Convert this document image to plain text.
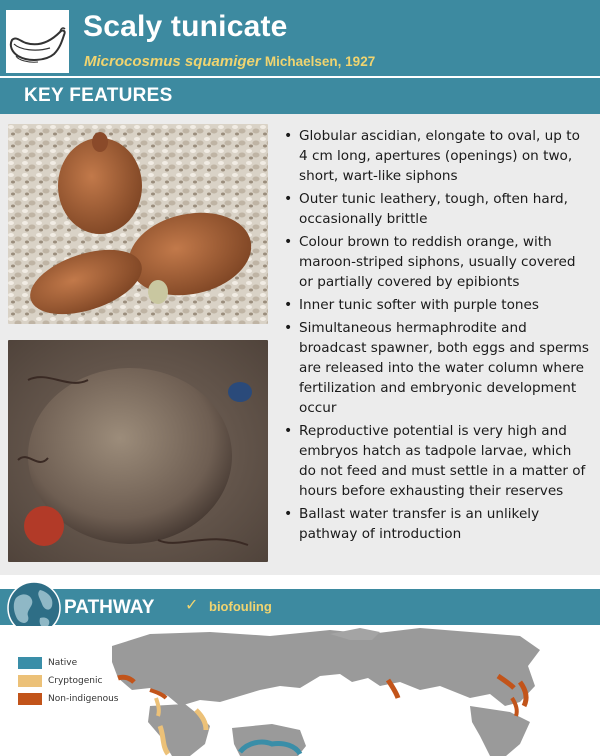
Scaly tunicate
Microcosmus squamiger Michaelsen, 1927
KEY FEATURES
• Globular ascidian, elongate to oval, up to 4 cm long, apertures (openings) on two, short, wart-like siphons
• Outer tunic leathery, tough, often hard, occasionally brittle
• Colour brown to reddish orange, with maroon-striped siphons, usually covered or partially covered by epibionts
• Inner tunic softer with purple tones
• Simultaneous hermaphrodite and broadcast spawner, both eggs and sperms are released into the water column where fertilization and embryonic development occur
• Reproductive potential is very high and embryos hatch as tadpole larvae, which do not feed and must settle in a matter of hours before exhausting their reserves
• Ballast water transfer is an unlikely pathway of introduction
PATHWAY ✓ biofouling
Native
Cryptogenic
Non-indigenous
